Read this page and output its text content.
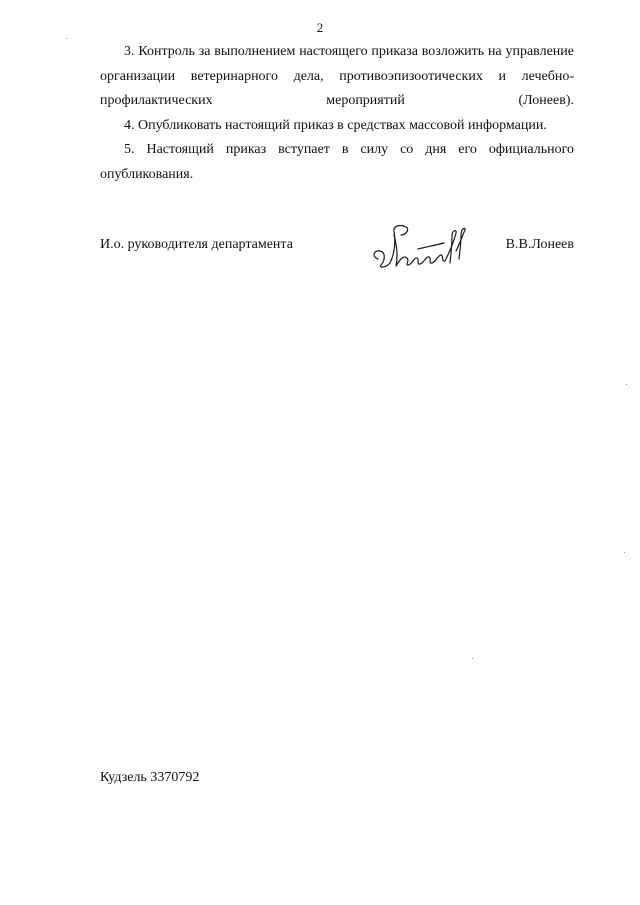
2

3. Контроль за выполнением настоящего приказа возложить на управление организации ветеринарного дела, противоэпизоотических и лечебно-профилактических мероприятий (Лонеев).

4. Опубликовать настоящий приказ в средствах массовой информации.

5. Настоящий приказ вступает в силу со дня его официального опубликования.

И.о. руководителя департамента	В.В.Лонеев
Кудзель 3370792
